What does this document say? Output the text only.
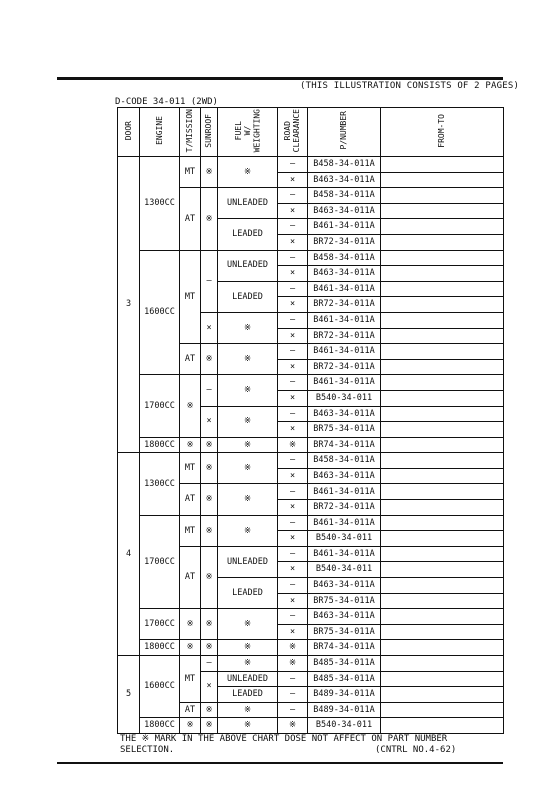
(THIS ILLUSTRATION CONSISTS OF 2 PAGES)
D-CODE 34-011 (2WD)
DOOR	ENGINE	T/MISSION	SUNROOF	FUEL
W/
WEIGHTING	ROAD
CLEARANCE	P/NUMBER	FROM-TO
3	1300CC	MT	※	※	—	B458-34-011A	
					×	B463-34-011A	
		AT	※	UNLEADED	—	B458-34-011A	
					×	B463-34-011A	
				LEADED	—	B461-34-011A	
					×	BR72-34-011A	
	1600CC	MT	—	UNLEADED	—	B458-34-011A	
					×	B463-34-011A	
				LEADED	—	B461-34-011A	
					×	BR72-34-011A	
			×	※	—	B461-34-011A	
					×	BR72-34-011A	
		AT	※	※	—	B461-34-011A	
					×	BR72-34-011A	
	1700CC	※	—	※	—	B461-34-011A	
					×	B540-34-011	
			×	※	—	B463-34-011A	
					×	BR75-34-011A	
	1800CC	※	※	※	※	BR74-34-011A	
4	1300CC	MT	※	※	—	B458-34-011A	
					×	B463-34-011A	
		AT	※	※	—	B461-34-011A	
					×	BR72-34-011A	
	1700CC	MT	※	※	—	B461-34-011A	
					×	B540-34-011	
		AT	※	UNLEADED	—	B461-34-011A	
					×	B540-34-011	
				LEADED	—	B463-34-011A	
					×	BR75-34-011A	
	1700CC	※	※	※	—	B463-34-011A	
					×	BR75-34-011A	
	1800CC	※	※	※	※	BR74-34-011A	
5	1600CC	MT	—	※	※	B485-34-011A	
			×	UNLEADED	—	B485-34-011A	
				LEADED	—	B489-34-011A	
		AT	※	※	—	B489-34-011A	
	1800CC	※	※	※	※	B540-34-011	
THE ※ MARK IN THE ABOVE CHART DOSE NOT AFFECT ON PART NUMBER
SELECTION.	(CNTRL NO.4-62)
